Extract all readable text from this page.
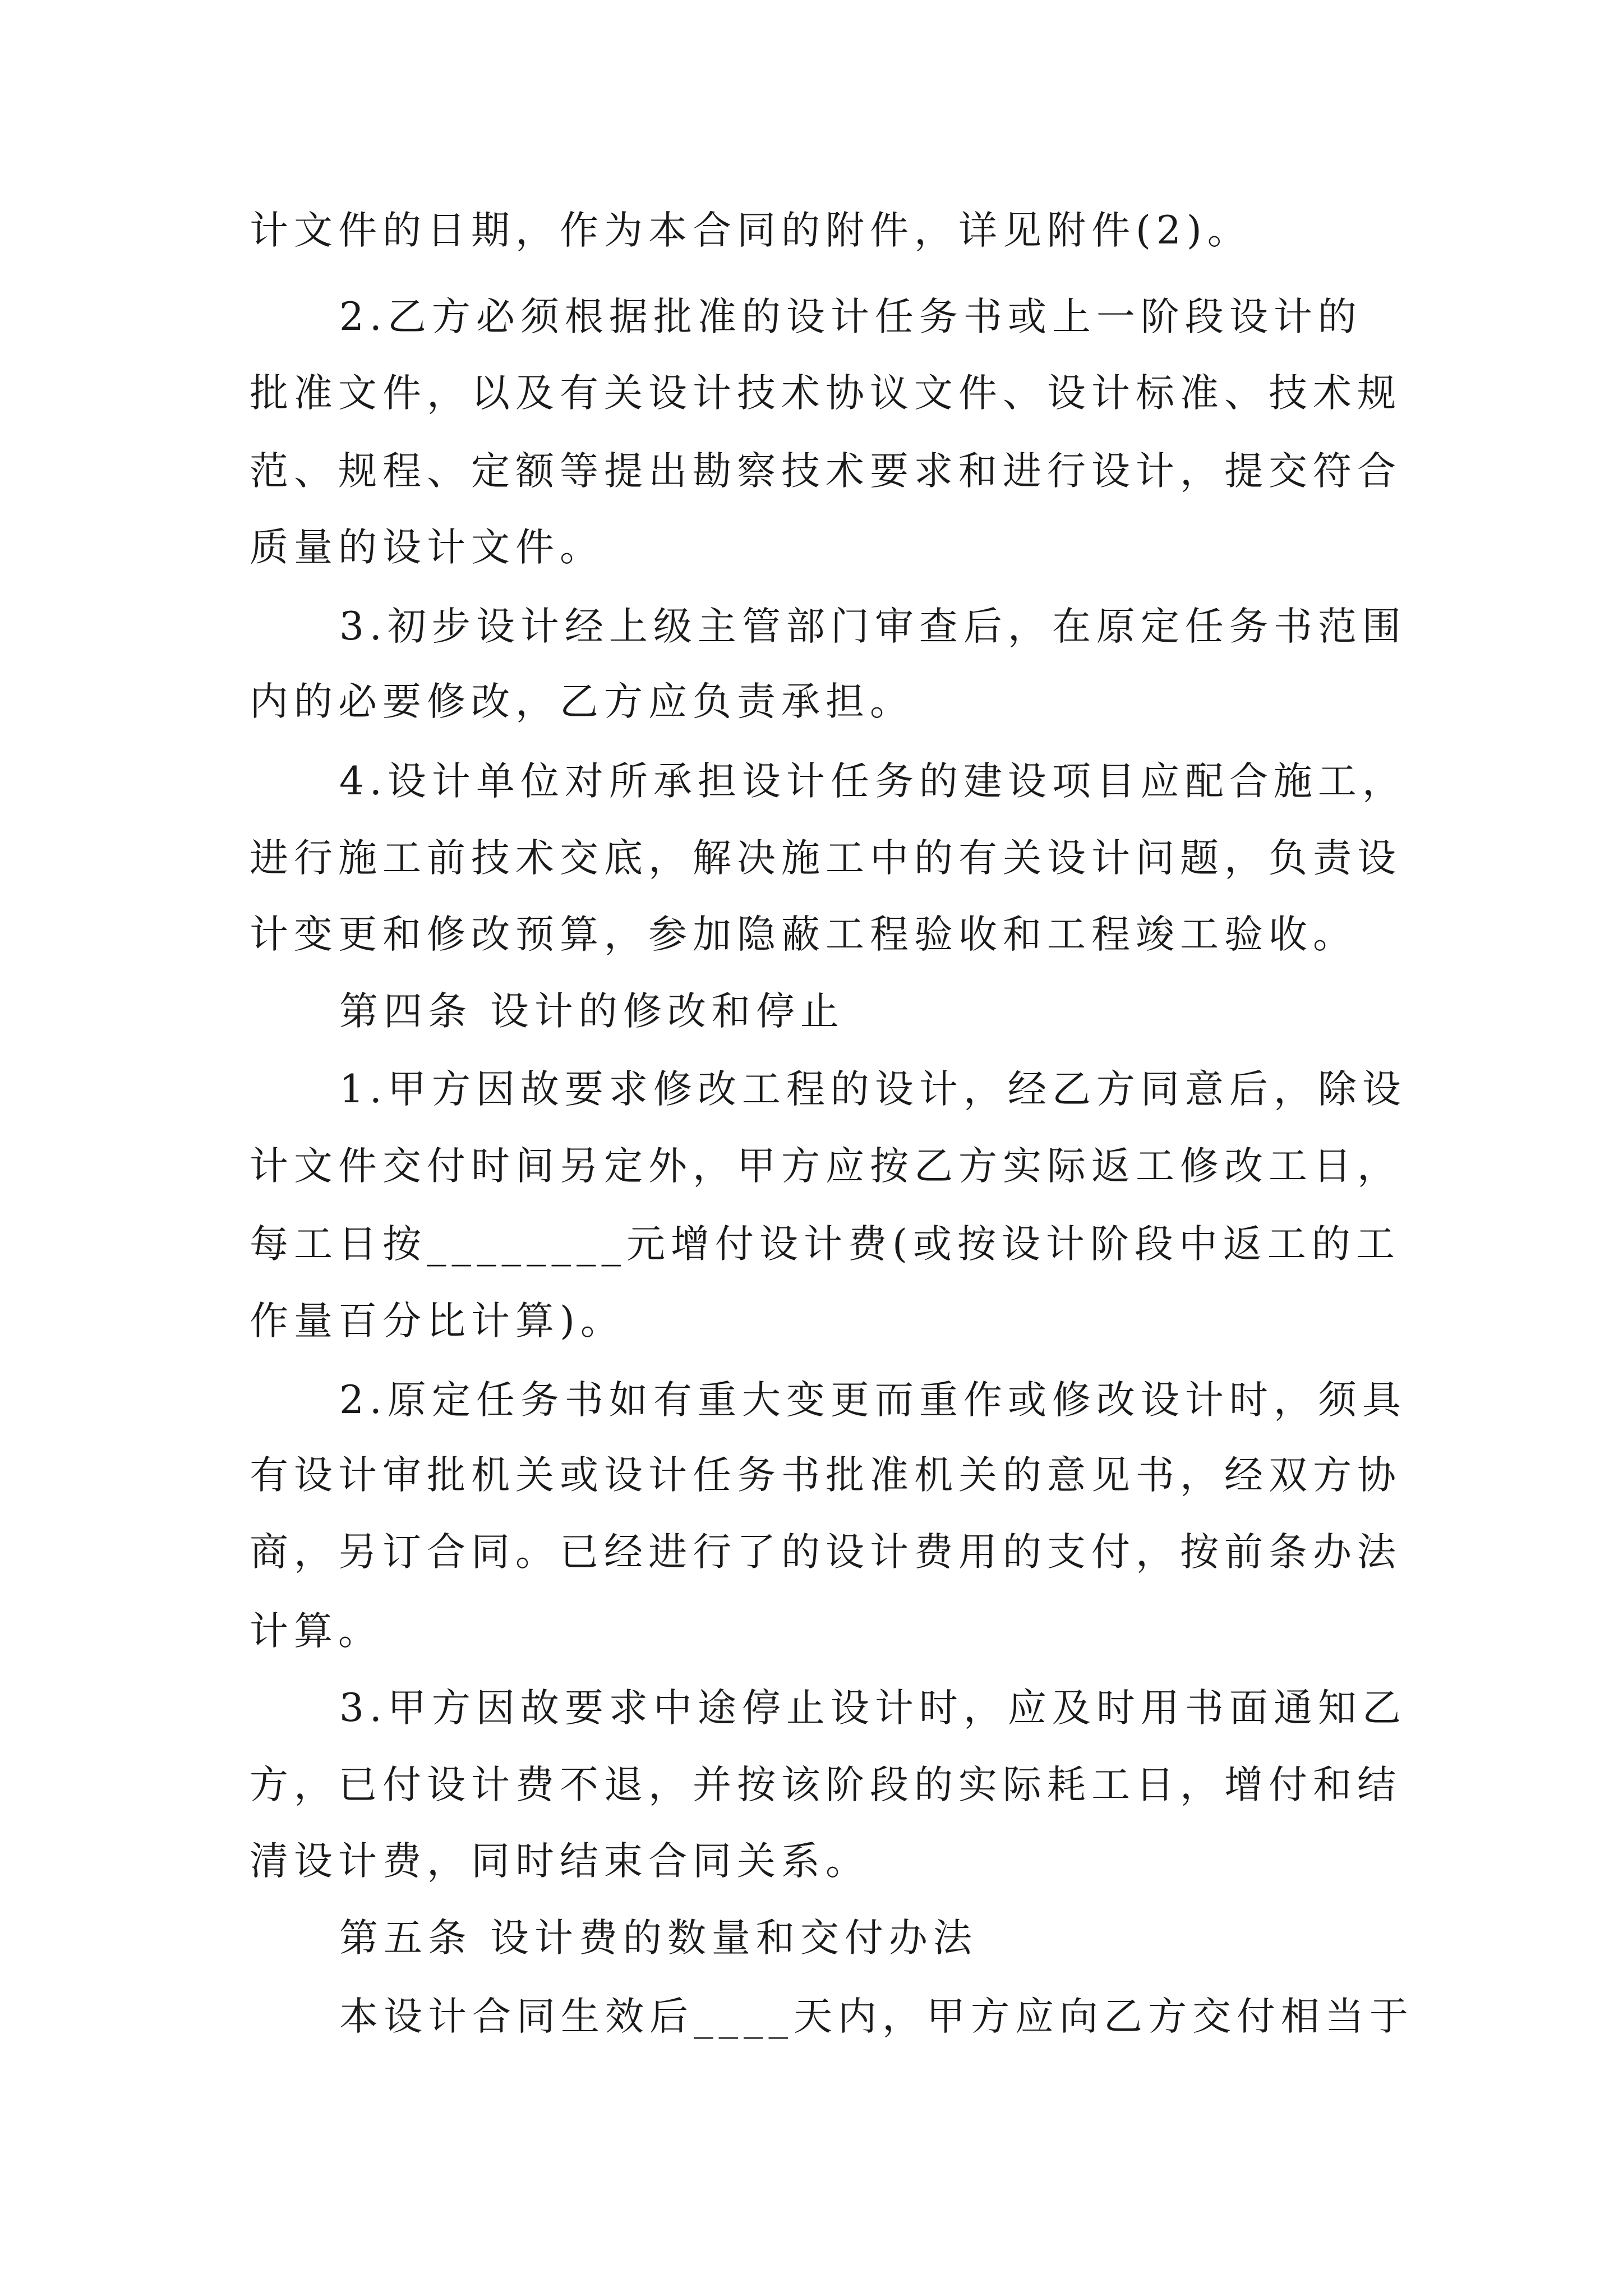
计文件的日期，作为本合同的附件，详见附件(2)。
2.乙方必须根据批准的设计任务书或上一阶段设计的
批准文件，以及有关设计技术协议文件、设计标准、技术规
范、规程、定额等提出勘察技术要求和进行设计，提交符合
质量的设计文件。
3.初步设计经上级主管部门审查后，在原定任务书范围
内的必要修改，乙方应负责承担。
4.设计单位对所承担设计任务的建设项目应配合施工，
进行施工前技术交底，解决施工中的有关设计问题，负责设
计变更和修改预算，参加隐蔽工程验收和工程竣工验收。
第四条 设计的修改和停止
1.甲方因故要求修改工程的设计，经乙方同意后，除设
计文件交付时间另定外，甲方应按乙方实际返工修改工日，
每工日按________元增付设计费(或按设计阶段中返工的工
作量百分比计算)。
2.原定任务书如有重大变更而重作或修改设计时，须具
有设计审批机关或设计任务书批准机关的意见书，经双方协
商，另订合同。已经进行了的设计费用的支付，按前条办法
计算。
3.甲方因故要求中途停止设计时，应及时用书面通知乙
方，已付设计费不退，并按该阶段的实际耗工日，增付和结
清设计费，同时结束合同关系。
第五条 设计费的数量和交付办法
本设计合同生效后____天内，甲方应向乙方交付相当于
